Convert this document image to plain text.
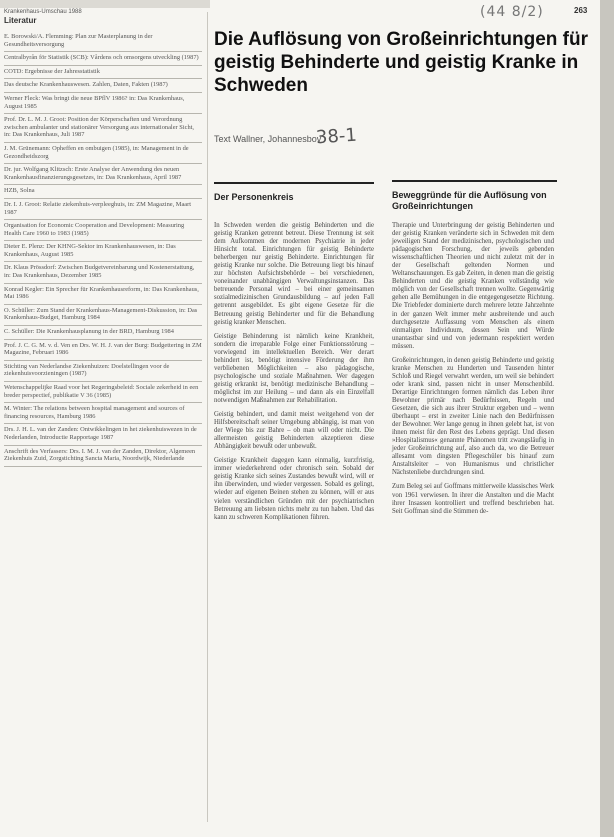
Krankenhaus-Umschau 1988	(44 8/2)	263
Literatur
E. Borowski/A. Flemming: Plan zur Masterplanung in der Gesundheitsversorgung
Centralbyrån för Statistik (SCB): Vårdens och omsorgens utveckling (1987)
COTD: Ergebnisse der Jahresstatistik
Das deutsche Krankenhauswesen. Zahlen, Daten, Fakten (1987)
Werner Fleck: Was bringt die neue BPflV 1986? in: Das Krankenhaus, August 1985
Prof. Dr. L. M. J. Groot: Position der Körperschaften und Verordnung zwischen ambulanter und stationärer Versorgung aus internationaler Sicht, in: Das Krankenhaus, Juli 1987
J. M. Grünemann: Opheffen en ombuigen (1985), in: Management in de Gezondheidszorg
Dr. jur. Wolfgang Klitzsch: Erste Analyse der Anwendung des neuen Krankenhausfinanzierungsgesetzes, in: Das Krankenhaus, April 1987
HZB, Solna
Dr. I. J. Groot: Relatie ziekenhuis-verpleeghuis, in: ZM Magazine, Maart 1987
Organisation for Economic Cooperation and Development: Measuring Health Care 1960 to 1983 (1985)
Dieter E. Plenz: Der KHNG-Sektor im Krankenhauswesen, in: Das Krankenhaus, August 1985
Dr. Klaus Prössdorf: Zwischen Budgetvereinbarung und Kostenerstattung, in: Das Krankenhaus, Dezember 1985
Konrad Kegler: Ein Sprecher für Krankenhausreform, in: Das Krankenhaus, Mai 1986
O. Schüller: Zum Stand der Krankenhaus-Management-Diskussion, in: Das Krankenhaus-Budget, Hamburg 1984
C. Schüller: Die Krankenhausplanung in der BRD, Hamburg 1984
Prof. J. C. G. M. v. d. Ven en Drs. W. H. J. van der Burg: Budgettering in ZM Magazine, Februari 1986
Stichting van Nederlandse Ziekenhuizen: Doelstellingen voor de ziekenhuisvoorzieningen (1987)
Wetenschappelijke Raad voor het Regeringsbeleid: Sociale zekerheid in een breder perspectief, publikatie V 36 (1985)
M. Winter: The relations between hospital management and sources of financing resources, Hamburg 1986
Drs. J. H. L. van der Zanden: Ontwikkelingen in het ziekenhuiswezen in de Nederlanden, Introductie Rapportage 1987
Anschrift des Verfassers: Drs. I. M. J. van der Zanden, Direktor, Algemeen Ziekenhuis Zuid, Zorgstichting Sancta Maria, Noordwijk, Niederlande
Die Auflösung von Großeinrichtungen für geistig Behinderte und geistig Kranke in Schweden
Text Wallner, Johannesbov
38-1
Der Personenkreis

In Schweden werden die geistig Behinderten und die geistig Kranken getrennt betreut. Diese Trennung ist seit dem Aufkommen der modernen Psychiatrie in jeder Hinsicht total. Einrichtungen für geistig Behinderte beherbergen nur geistig Behinderte. Einrichtungen für geistig Kranke nur solche. Die Betreuung liegt bis hinauf zur höchsten Aufsichtsbehörde – bei verschiedenen, voneinander unabhängigen Verwaltungsinstanzen. Das betreuende Personal wird – bei einer gemeinsamen sozialmedizinischen Grundausbildung – auf jeden Fall getrennt ausgebildet. Es gibt eigene Gesetze für die Betreuung geistig Behinderter und für die Behandlung geistig kranker Menschen.

Geistige Behinderung ist nämlich keine Krankheit, sondern die irreparable Folge einer Funktionsstörung – vorwiegend im intellektuellen Bereich. Wer derart behindert ist, benötigt intensive Förderung der ihm verbliebenen Möglichkeiten – also pädagogische, psychologische und soziale Maßnahmen. Wer dagegen geistig erkrankt ist, benötigt medizinische Behandlung – möglichst im zur Heilung – und dann als ein Einzelfall notwendigen Maßnahmen zur Rehabilitation.

Geistig behindert, und damit meist weitgehend von der Hilfsbereitschaft seiner Umgebung abhängig, ist man von der Wiege bis zur Bahre – ob man will oder nicht. Die allermeisten geistig Behinderten akzeptieren diese Abhängigkeit bewußt oder unbewußt.

Geistige Krankheit dagegen kann einmalig, kurzfristig, immer wiederkehrend oder chronisch sein. Sobald der geistig Kranke sich seines Zustandes bewußt wird, will er ihn überwinden, und wieder vergessen. Sobald es gelingt, wieder auf eigenen Beinen stehen zu können, will er aus vielen verständlichen Gründen mit der psychiatrischen Betreuung am liebsten nichts mehr zu tun haben. Und das kann zu schweren Komplikationen führen.

Beweggründe für die Auflösung von Großeinrichtungen

Therapie und Unterbringung der geistig Behinderten und der geistig Kranken veränderte sich in Schweden mit dem jeweiligen Stand der medizinischen, psychologischen und pädagogischen Forschung, der jeweils gebenden wissenschaftlichen Theorien und nicht zuletzt mit der in der Gesellschaft geltenden Normen und Weltanschauungen. Es gab Zeiten, in denen man die geistig Behinderten und die geistig Kranken vollständig wie möglich von der Gesellschaft trennen wollte. Gegenwärtig gehen alle Bemühungen in die entgegengesetzte Richtung. Die Triebfeder dominierte durch mehrere letzte Jahrzehnte in der ganzen Welt immer mehr ausbreitende und auch durchgesetzte Auffassung vom Menschen als einem einmaligen Individuum, dessen Sein und Würde unantastbar sind und von jedermann respektiert werden müssen.

Großeinrichtungen, in denen geistig Behinderte und geistig kranke Menschen zu Hunderten und Tausenden hinter Schloß und Riegel verwahrt werden, um weil sie behindert oder krank sind, passen nicht in unser Menschenbild. Derartige Einrichtungen formen nämlich das Leben ihrer Bewohner primär nach Bedürfnissen, Regeln und Gesetzen, die sich aus ihrer Struktur ergeben und – wenn überhaupt – erst in zweiter Linie nach den Bedürfnissen der Bewohner. Wer lange genug in ihnen gelebt hat, ist von ihnen meist für den Rest des Lebens geprägt. Und diesen »Hospitalismus« genannte Phänomen tritt zwangsläufig in jeder Großeinrichtung auf, also auch da, wo die Betreuer allesamt vom dingsten Pflegeschüler bis hinauf zum Anstaltsleiter – von Humanismus und christlicher Nächstenliebe durchdrungen sind.

Zum Beleg sei auf Goffmans mittlerweile klassisches Werk von 1961 verwiesen. In ihrer die Anstalten und die Macht ihrer Insassen kontrolliert und treffend beschrieben hat. Seit Goffman sind die Stimmen de-
